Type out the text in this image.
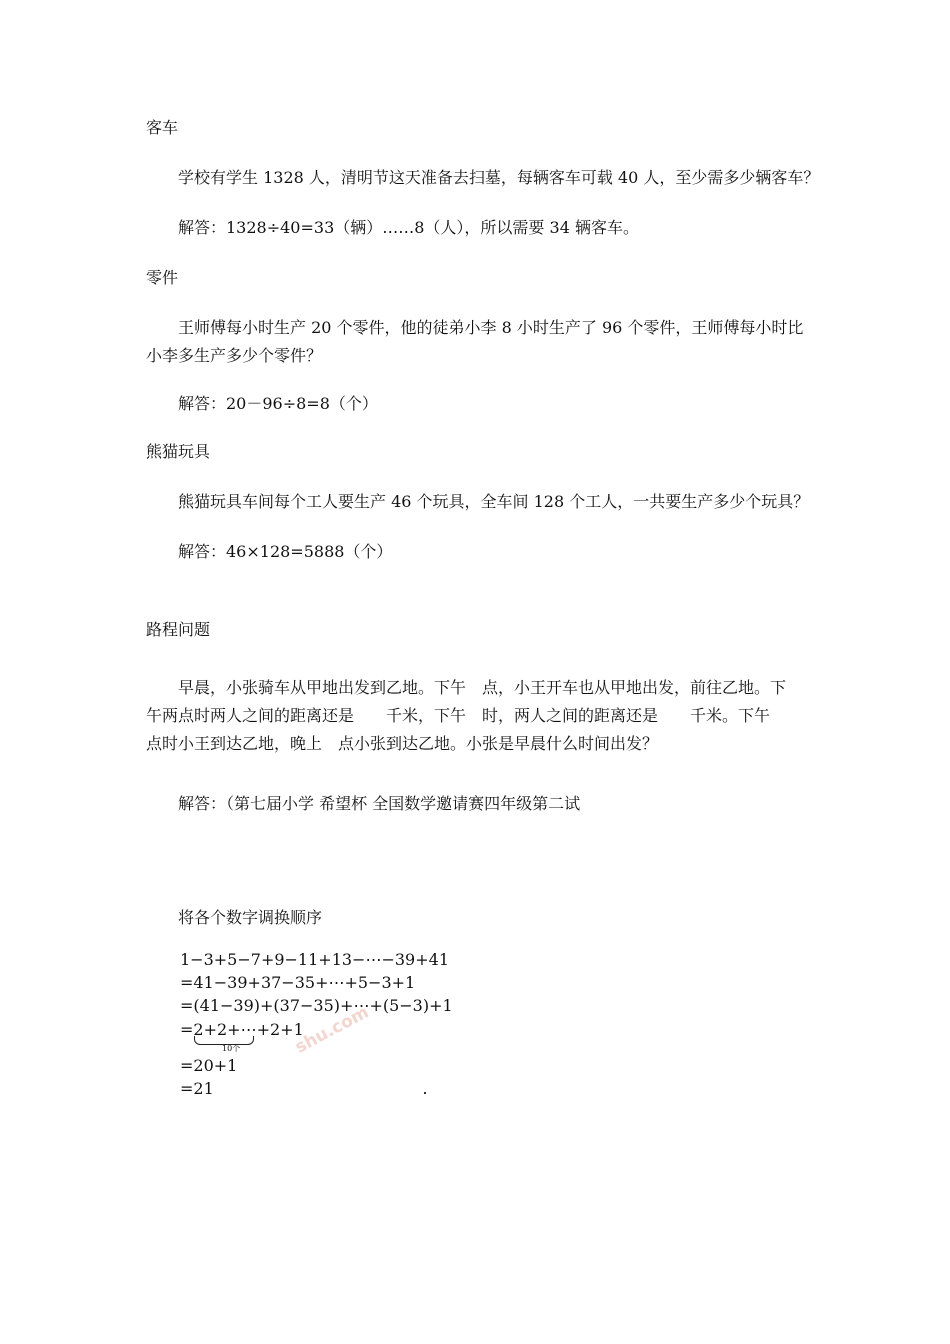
客车
学校有学生 1328 人，清明节这天准备去扫墓，每辆客车可载 40 人，至少需多少辆客车？
解答：1328÷40=33（辆）……8（人），所以需要 34 辆客车。
零件
王师傅每小时生产 20 个零件，他的徒弟小李 8 小时生产了 96 个零件，王师傅每小时比
小李多生产多少个零件？
解答：20－96÷8=8（个）
熊猫玩具
熊猫玩具车间每个工人要生产 46 个玩具，全车间 128 个工人，一共要生产多少个玩具？
解答：46×128=5888（个）
路程问题
早晨，小张骑车从甲地出发到乙地。下午　点，小王开车也从甲地出发，前往乙地。下
午两点时两人之间的距离还是　　千米，下午　时，两人之间的距离还是　　千米。下午
点时小王到达乙地，晚上　点小张到达乙地。小张是早晨什么时间出发？
解答：（第七届小学 希望杯 全国数学邀请赛四年级第二试
将各个数字调换顺序
1−3+5−7+9−11+13−⋯−39+41
=41−39+37−35+⋯+5−3+1
=(41−39)+(37−35)+⋯+(5−3)+1
=2+2+⋯+2+1
10个
=20+1
=21
shu.com
